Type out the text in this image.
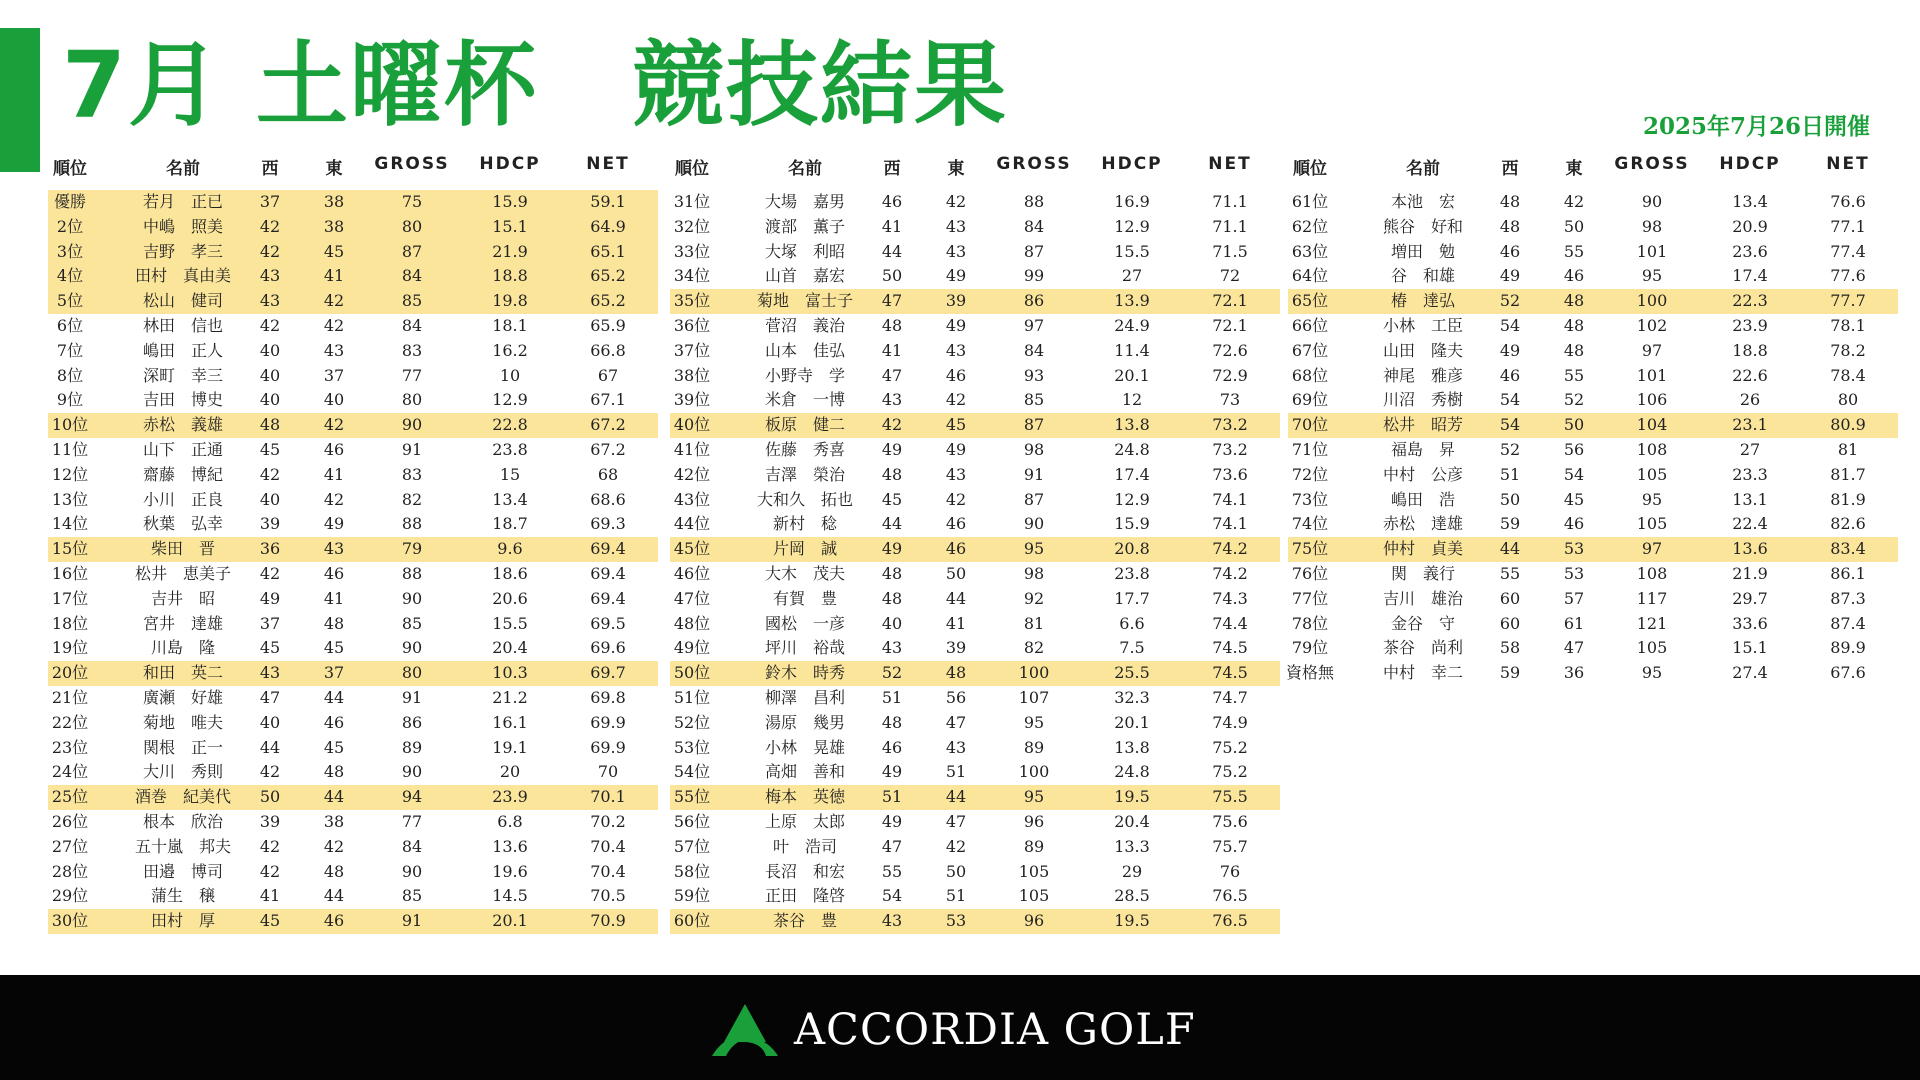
7月 土曜杯　競技結果	2025年7月26日開催
順位	名前	西	東 GROSS HDCP	NET
優勝	若月　正已 37	38	75	15.9	59.1
2位	中嶋　照美 42	38	80	15.1	64.9
3位	吉野　孝三 42	45	87	21.9	65.1
4位	田村　真由美 43	41	84	18.8	65.2
5位	松山　健司 43	42	85	19.8	65.2
6位	林田　信也 42	42	84	18.1	65.9
7位	嶋田　正人 40	43	83	16.2	66.8
8位	深町　幸三 40	37	77	10	67
9位	吉田　博史 40	40	80	12.9	67.1
10位	赤松　義雄 48	42	90	22.8	67.2
11位	山下　正通 45	46	91	23.8	67.2
12位	齋藤　博紀 42	41	83	15	68
13位	小川　正良 40	42	82	13.4	68.6
14位	秋葉　弘幸 39	49	88	18.7	69.3
15位	柴田　晋	36	43	79	9.6	69.4
16位	松井　恵美子 42	46	88	18.6	69.4
17位	吉井　昭	49	41	90	20.6	69.4
18位	宮井　達雄 37	48	85	15.5	69.5
19位	川島　隆	45	45	90	20.4	69.6
20位	和田　英二 43	37	80	10.3	69.7
21位	廣瀬　好雄 47	44	91	21.2	69.8
22位	菊地　唯夫 40	46	86	16.1	69.9
23位	関根　正一 44	45	89	19.1	69.9
24位	大川　秀則 42	48	90	20	70
25位	酒巻　紀美代 50	44	94	23.9	70.1
26位	根本　欣治 39	38	77	6.8	70.2
27位	五十嵐　邦夫 42	42	84	13.6	70.4
28位	田邉　博司 42	48	90	19.6	70.4
29位	蒲生　穣	41	44	85	14.5	70.5
30位	田村　厚	45	46	91	20.1	70.9
順位	名前	西	東 GROSS HDCP	NET
31位	大場　嘉男 46	42	88	16.9	71.1
32位	渡部　薫子 41	43	84	12.9	71.1
33位	大塚　利昭 44	43	87	15.5	71.5
34位	山首　嘉宏 50	49	99	27	72
35位	菊地　富士子 47	39	86	13.9	72.1
36位	菅沼　義治 48	49	97	24.9	72.1
37位	山本　佳弘 41	43	84	11.4	72.6
38位	小野寺　学 47	46	93	20.1	72.9
39位	米倉　一博 43	42	85	12	73
40位	板原　健二 42	45	87	13.8	73.2
41位	佐藤　秀喜 49	49	98	24.8	73.2
42位	吉澤　榮治 48	43	91	17.4	73.6
43位	大和久　拓也 45	42	87	12.9	74.1
44位	新村　稔	44	46	90	15.9	74.1
45位	片岡　誠	49	46	95	20.8	74.2
46位	大木　茂夫 48	50	98	23.8	74.2
47位	有賀　豊	48	44	92	17.7	74.3
48位	國松　一彦 40	41	81	6.6	74.4
49位	坪川　裕哉 43	39	82	7.5	74.5
50位	鈴木　時秀 52	48	100	25.5	74.5
51位	柳澤　昌利 51	56	107	32.3	74.7
52位	湯原　幾男 48	47	95	20.1	74.9
53位	小林　晃雄 46	43	89	13.8	75.2
54位	高畑　善和 49	51	100	24.8	75.2
55位	梅本　英徳 51	44	95	19.5	75.5
56位	上原　太郎 49	47	96	20.4	75.6
57位	叶　浩司	47	42	89	13.3	75.7
58位	長沼　和宏 55	50	105	29	76
59位	正田　隆啓 54	51	105	28.5	76.5
60位	茶谷　豊	43	53	96	19.5	76.5
順位	名前	西	東 GROSS HDCP	NET
61位	本池　宏	48	42	90	13.4	76.6
62位	熊谷　好和 48	50	98	20.9	77.1
63位	増田　勉	46	55	101	23.6	77.4
64位	谷　和雄	49	46	95	17.4	77.6
65位	椿　達弘	52	48	100	22.3	77.7
66位	小林　工臣 54	48	102	23.9	78.1
67位	山田　隆夫 49	48	97	18.8	78.2
68位	神尾　雅彦 46	55	101	22.6	78.4
69位	川沼　秀樹 54	52	106	26	80
70位	松井　昭芳 54	50	104	23.1	80.9
71位	福島　昇	52	56	108	27	81
72位	中村　公彦 51	54	105	23.3	81.7
73位	嶋田　浩	50	45	95	13.1	81.9
74位	赤松　達雄 59	46	105	22.4	82.6
75位	仲村　貞美 44	53	97	13.6	83.4
76位	関　義行	55	53	108	21.9	86.1
77位	吉川　雄治 60	57	117	29.7	87.3
78位	金谷　守	60	61	121	33.6	87.4
79位	茶谷　尚利 58	47	105	15.1	89.9
資格無	中村　幸二 59	36	95	27.4	67.6
ACCORDIA GOLF
